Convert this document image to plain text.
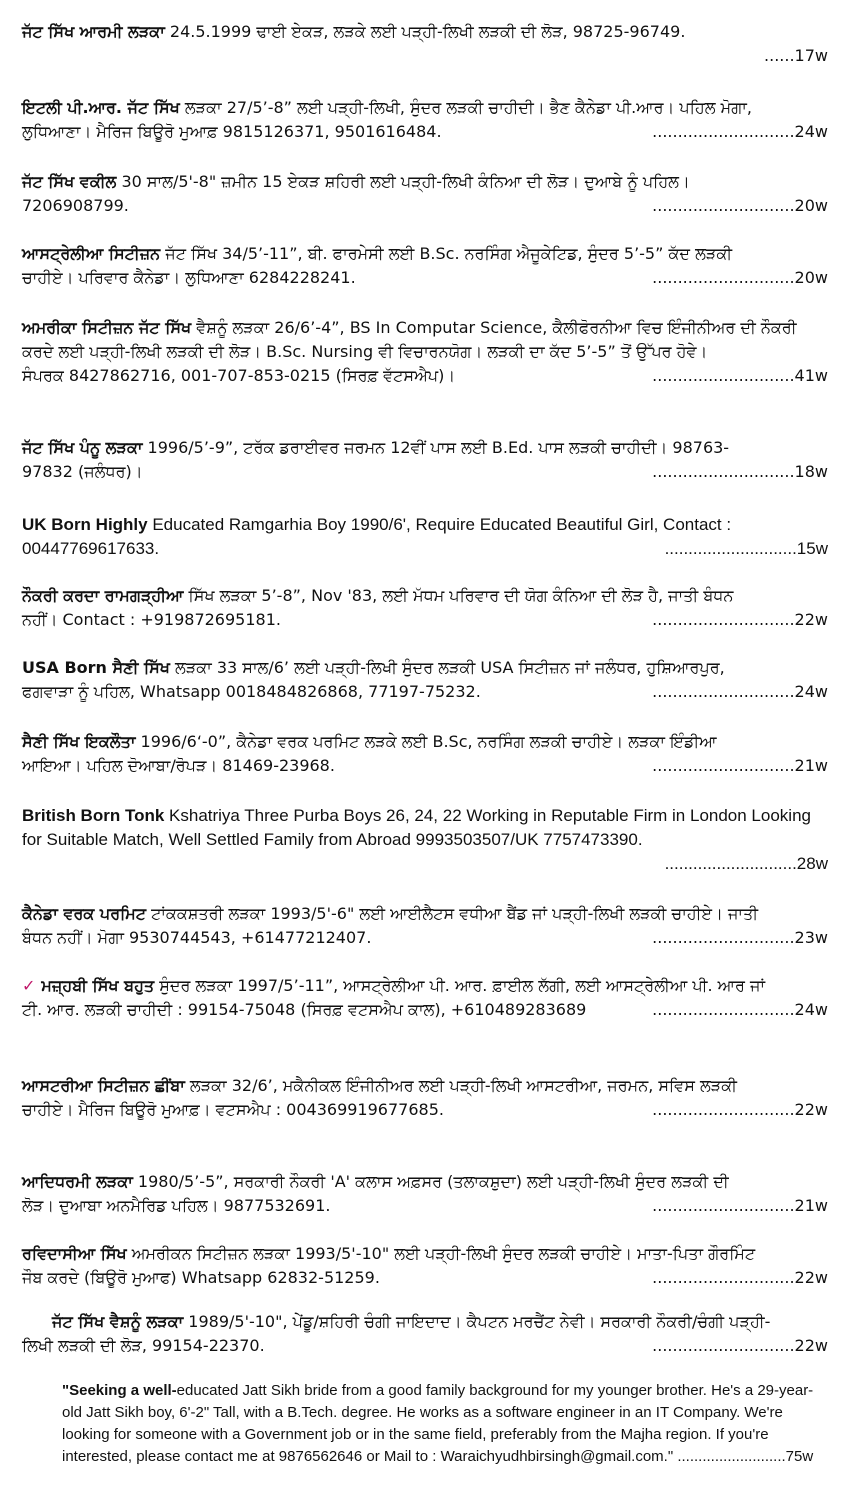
ਜੱਟ ਸਿੱਖ ਆਰਮੀ ਲੜਕਾ 24.5.1999 ਢਾਈ ਏਕੜ, ਲੜਕੇ ਲਈ ਪੜ੍ਹੀ-ਲਿਖੀ ਲੜਕੀ ਦੀ ਲੋੜ, 98725-96749.

......17w

ਇਟਲੀ ਪੀ.ਆਰ. ਜੱਟ ਸਿੱਖ ਲੜਕਾ 27/5’-8” ਲਈ ਪੜ੍ਹੀ-ਲਿਖੀ, ਸੁੰਦਰ ਲੜਕੀ ਚਾਹੀਦੀ। ਭੈਣ ਕੈਨੇਡਾ ਪੀ.ਆਰ। ਪਹਿਲ ਮੋਗਾ,

ਲੁਧਿਆਣਾ। ਮੈਰਿਜ ਬਿਊਰੋ ਮੁਆਫ਼ 9815126371, 9501616484.	............................24w

ਜੱਟ ਸਿੱਖ ਵਕੀਲ 30 ਸਾਲ/5'-8" ਜ਼ਮੀਨ 15 ਏਕੜ ਸ਼ਹਿਰੀ ਲਈ ਪੜ੍ਹੀ-ਲਿਖੀ ਕੰਨਿਆ ਦੀ ਲੋੜ। ਦੁਆਬੇ ਨੂੰ ਪਹਿਲ।

7206908799.	............................20w

ਆਸਟ੍ਰੇਲੀਆ ਸਿਟੀਜ਼ਨ ਜੱਟ ਸਿੱਖ 34/5’-11”, ਬੀ. ਫਾਰਮੇਸੀ ਲਈ B.Sc. ਨਰਸਿੰਗ ਐਜੂਕੇਟਿਡ, ਸੁੰਦਰ 5’-5” ਕੱਦ ਲੜਕੀ

ਚਾਹੀਏ। ਪਰਿਵਾਰ ਕੈਨੇਡਾ। ਲੁਧਿਆਣਾ 6284228241.	............................20w

ਅਮਰੀਕਾ ਸਿਟੀਜ਼ਨ ਜੱਟ ਸਿੱਖ ਵੈਸ਼ਨੂੰ ਲੜਕਾ 26/6’-4”, BS In Computar Science, ਕੈਲੀਫੋਰਨੀਆ ਵਿਚ ਇੰਜੀਨੀਅਰ ਦੀ ਨੌਕਰੀ ਕਰਦੇ ਲਈ ਪੜ੍ਹੀ-ਲਿਖੀ ਲੜਕੀ ਦੀ ਲੋੜ। B.Sc. Nursing ਵੀ ਵਿਚਾਰਨਯੋਗ। ਲੜਕੀ ਦਾ ਕੱਦ 5’-5” ਤੋਂ ਉੱਪਰ ਹੋਵੇ।

ਸੰਪਰਕ 8427862716, 001-707-853-0215 (ਸਿਰਫ਼ ਵੱਟਸਐਪ)।	............................41w

ਜੱਟ ਸਿੱਖ ਪੰਨੂ ਲੜਕਾ 1996/5’-9”, ਟਰੱਕ ਡਰਾਈਵਰ ਜਰਮਨ 12ਵੀਂ ਪਾਸ ਲਈ B.Ed. ਪਾਸ ਲੜਕੀ ਚਾਹੀਦੀ। 98763-

97832 (ਜਲੰਧਰ)।	............................18w

UK Born Highly Educated Ramgarhia Boy 1990/6', Require Educated Beautiful Girl, Contact :

00447769617633.	............................15w

ਨੌਕਰੀ ਕਰਦਾ ਰਾਮਗੜ੍ਹੀਆ ਸਿੱਖ ਲੜਕਾ 5’-8”, Nov '83, ਲਈ ਮੱਧਮ ਪਰਿਵਾਰ ਦੀ ਯੋਗ ਕੰਨਿਆ ਦੀ ਲੋੜ ਹੈ, ਜਾਤੀ ਬੰਧਨ

ਨਹੀਂ। Contact : +919872695181.	............................22w

USA Born ਸੈਣੀ ਸਿੱਖ ਲੜਕਾ 33 ਸਾਲ/6’ ਲਈ ਪੜ੍ਹੀ-ਲਿਖੀ ਸੁੰਦਰ ਲੜਕੀ USA ਸਿਟੀਜ਼ਨ ਜਾਂ ਜਲੰਧਰ, ਹੁਸ਼ਿਆਰਪੁਰ,

ਫਗਵਾੜਾ ਨੂੰ ਪਹਿਲ, Whatsapp 0018484826868, 77197-75232.	............................24w

ਸੈਣੀ ਸਿੱਖ ਇਕਲੌਤਾ 1996/6‘-0”, ਕੈਨੇਡਾ ਵਰਕ ਪਰਮਿਟ ਲੜਕੇ ਲਈ B.Sc, ਨਰਸਿੰਗ ਲੜਕੀ ਚਾਹੀਏ। ਲੜਕਾ ਇੰਡੀਆ

ਆਇਆ। ਪਹਿਲ ਦੋਆਬਾ/ਰੋਪੜ। 81469-23968.	............................21w

British Born Tonk Kshatriya Three Purba Boys 26, 24, 22 Working in Reputable Firm in London Looking for Suitable Match, Well Settled Family from Abroad 9993503507/UK 7757473390.

............................28w

ਕੈਨੇਡਾ ਵਰਕ ਪਰਮਿਟ ਟਾਂਕਕਸ਼ਤਰੀ ਲੜਕਾ 1993/5'-6" ਲਈ ਆਈਲੈਟਸ ਵਧੀਆ ਬੈਂਡ ਜਾਂ ਪੜ੍ਹੀ-ਲਿਖੀ ਲੜਕੀ ਚਾਹੀਏ। ਜਾਤੀ

ਬੰਧਨ ਨਹੀਂ। ਮੋਗਾ 9530744543, +61477212407.	............................23w

✓ ਮਜ਼੍ਹਬੀ ਸਿੱਖ ਬਹੁਤ ਸੁੰਦਰ ਲੜਕਾ 1997/5’-11”, ਆਸਟ੍ਰੇਲੀਆ ਪੀ. ਆਰ. ਫ਼ਾਈਲ ਲੱਗੀ, ਲਈ ਆਸਟ੍ਰੇਲੀਆ ਪੀ. ਆਰ ਜਾਂ

ਟੀ. ਆਰ. ਲੜਕੀ ਚਾਹੀਦੀ : 99154-75048 (ਸਿਰਫ਼ ਵਟਸਐਪ ਕਾਲ), +610489283689	............................24w

ਆਸਟਰੀਆ ਸਿਟੀਜ਼ਨ ਛੀਂਬਾ ਲੜਕਾ 32/6’, ਮਕੈਨੀਕਲ ਇੰਜੀਨੀਅਰ ਲਈ ਪੜ੍ਹੀ-ਲਿਖੀ ਆਸਟਰੀਆ, ਜਰਮਨ, ਸਵਿਸ ਲੜਕੀ

ਚਾਹੀਏ। ਮੈਰਿਜ ਬਿਊਰੋ ਮੁਆਫ਼। ਵਟਸਐਪ : 004369919677685.	............................22w

ਆਦਿਧਰਮੀ ਲੜਕਾ 1980/5’-5”, ਸਰਕਾਰੀ ਨੌਕਰੀ 'A' ਕਲਾਸ ਅਫ਼ਸਰ (ਤਲਾਕਸ਼ੁਦਾ) ਲਈ ਪੜ੍ਹੀ-ਲਿਖੀ ਸੁੰਦਰ ਲੜਕੀ ਦੀ

ਲੋੜ। ਦੁਆਬਾ ਅਨਮੈਰਿਡ ਪਹਿਲ। 9877532691.	............................21w

ਰਵਿਦਾਸੀਆ ਸਿੱਖ ਅਮਰੀਕਨ ਸਿਟੀਜ਼ਨ ਲੜਕਾ 1993/5'-10" ਲਈ ਪੜ੍ਹੀ-ਲਿਖੀ ਸੁੰਦਰ ਲੜਕੀ ਚਾਹੀਏ। ਮਾਤਾ-ਪਿਤਾ ਗੌਰਮਿੰਟ

ਜੌਬ ਕਰਦੇ (ਬਿਊਰੋ ਮੁਆਫ) Whatsapp 62832-51259.	............................22w

ਜੱਟ ਸਿੱਖ ਵੈਸ਼ਨੂੰ ਲੜਕਾ 1989/5'-10", ਪੇਂਡੂ/ਸ਼ਹਿਰੀ ਚੰਗੀ ਜਾਇਦਾਦ। ਕੈਪਟਨ ਮਰਚੈਂਟ ਨੇਵੀ। ਸਰਕਾਰੀ ਨੌਕਰੀ/ਚੰਗੀ ਪੜ੍ਹੀ-

ਲਿਖੀ ਲੜਕੀ ਦੀ ਲੋੜ, 99154-22370.	............................22w

"Seeking a well-educated Jatt Sikh bride from a good family background for my younger brother. He's a 29-year-old Jatt Sikh boy, 6'-2" Tall, with a B.Tech. degree. He works as a software engineer in an IT Company. We're looking for someone with a Government job or in the same field, preferably from the Majha region. If you're interested, please contact me at 9876562646 or Mail to : Waraichyudhbirsingh@gmail.com." ..........................75w
